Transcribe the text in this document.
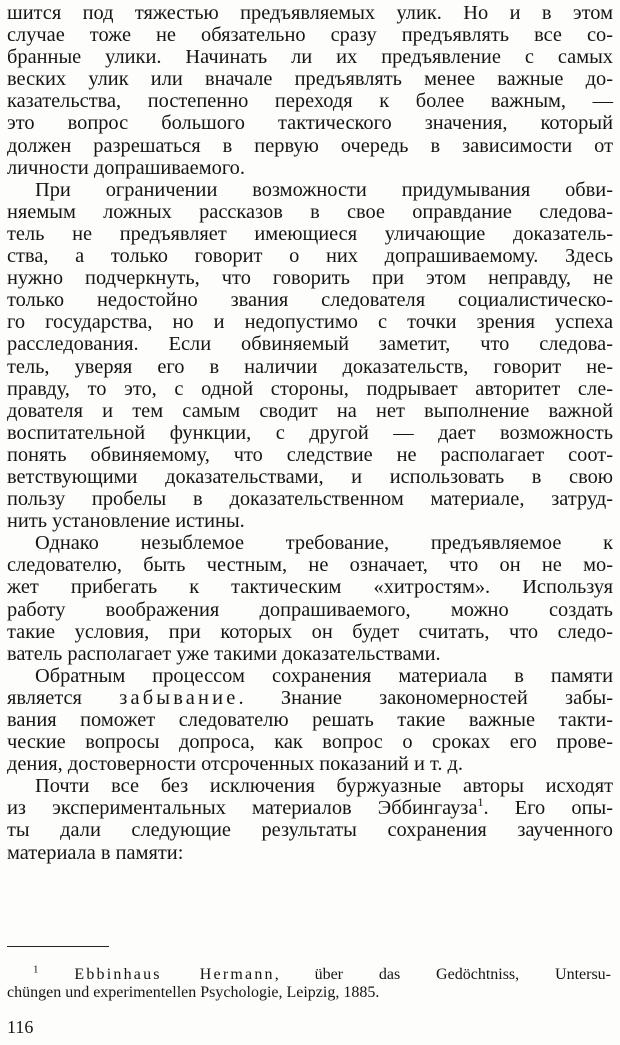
шится под тяжестью предъявляемых улик. Но и в этом
случае тоже не обязательно сразу предъявлять все со-
бранные улики. Начинать ли их предъявление с самых
веских улик или вначале предъявлять менее важные до-
казательства, постепенно переходя к более важным, —
это вопрос большого тактического значения, который
должен разрешаться в первую очередь в зависимости от
личности допрашиваемого.
При ограничении возможности придумывания обви-
няемым ложных рассказов в свое оправдание следова-
тель не предъявляет имеющиеся уличающие доказатель-
ства, а только говорит о них допрашиваемому. Здесь
нужно подчеркнуть, что говорить при этом неправду, не
только недостойно звания следователя социалистическо-
го государства, но и недопустимо с точки зрения успеха
расследования. Если обвиняемый заметит, что следова-
тель, уверяя его в наличии доказательств, говорит не-
правду, то это, с одной стороны, подрывает авторитет сле-
дователя и тем самым сводит на нет выполнение важной
воспитательной функции, с другой — дает возможность
понять обвиняемому, что следствие не располагает соот-
ветствующими доказательствами, и использовать в свою
пользу пробелы в доказательственном материале, затруд-
нить установление истины.
Однако незыблемое требование, предъявляемое к
следователю, быть честным, не означает, что он не мо-
жет прибегать к тактическим «хитростям». Используя
работу воображения допрашиваемого, можно создать
такие условия, при которых он будет считать, что следо-
ватель располагает уже такими доказательствами.
Обратным процессом сохранения материала в памяти
является забывание. Знание закономерностей забы-
вания поможет следователю решать такие важные такти-
ческие вопросы допроса, как вопрос о сроках его прове-
дения, достоверности отсроченных показаний и т. д.
Почти все без исключения буржуазные авторы исходят
из экспериментальных материалов Эббингауза$^1$. Его опы-
ты дали следующие результаты сохранения заученного
материала в памяти:
$^1$ Ebbinhaus Hermann, über das Gedöchtniss, Untersu-
chüngen und experimentellen Psychologie, Leipzig, 1885.
116
